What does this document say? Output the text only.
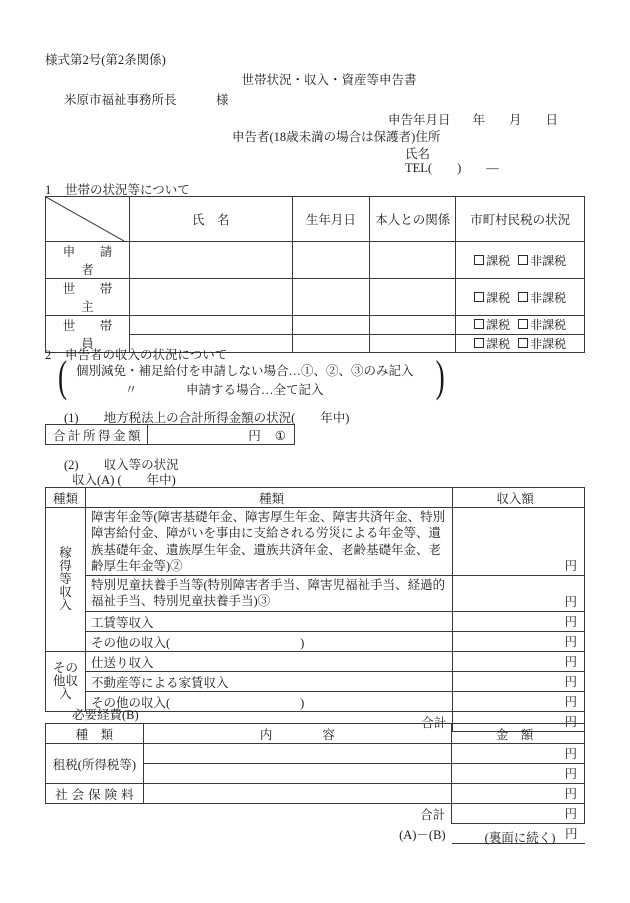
様式第2号(第2条関係)
世帯状況・収入・資産等申告書
米原市福祉事務所長	様
申告年月日 年 月 日
申告者(18歳未満の場合は保護者)住所
氏名
TEL(        )        —
1 世帯の状況等について
	氏　名	生年月日	本人との関係	市町村民税の状況
申　請　者				課税 非課税
世　帯　主				課税 非課税
世　帯　員				課税 非課税
				課税 非課税
2 申告者の収入の状況について
(	)
個別減免・補足給付を申請しない場合…①、②、③のみ記入
〃	申請する場合…全て記入
(1)　　地方税法上の合計所得金額の状況(        年中)
合計所得金額	円 ①
(2)　　収入等の状況
収入(A) (        年中)
種類	種類	収入額

稼
得
等
収
入	障害年金等(障害基礎年金、障害厚生年金、障害共済年金、特別障害給付金、障がいを事由に支給される労災による年金等、遺族基礎年金、遺族厚生年金、遺族共済年金、老齢基礎年金、老齢厚生年金等)②	円
	特別児童扶養手当等(特別障害者手当、障害児福祉手当、経過的福祉手当、特別児童扶養手当)③	円
	工賃等収入	円
	その他の収入( )	円

その
他収
入	仕送り収入	円
	不動産等による家賃収入	円
	その他の収入( )	円
合計		円
必要経費(B)
種　類	内　　　　容	金　額
租税(所得税等)		円
		円
社会保険料		円
合計		円
(A)－(B)		円
(裏面に続く)
